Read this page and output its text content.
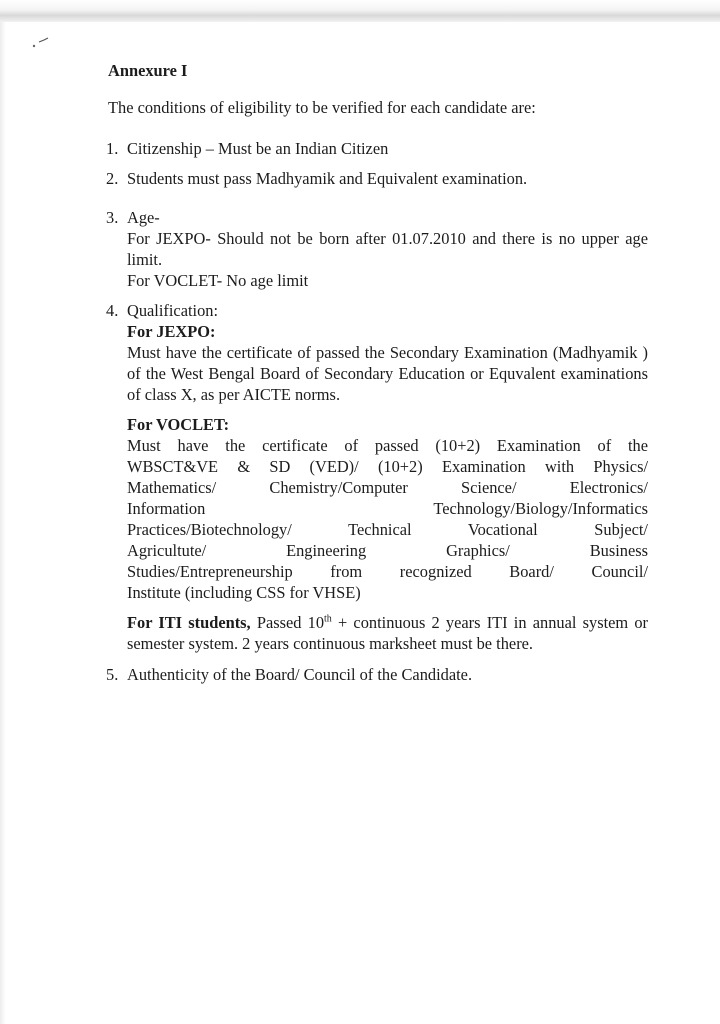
Annexure I

The conditions of eligibility to be verified for each candidate are:

1. Citizenship – Must be an Indian Citizen
2. Students must pass Madhyamik and Equivalent examination.
3. Age-
For JEXPO- Should not be born after 01.07.2010 and there is no upper age limit.
For VOCLET- No age limit
4. Qualification:
For JEXPO:
Must have the certificate of passed the Secondary Examination (Madhyamik ) of the West Bengal Board of Secondary Education or Equvalent examinations of class X, as per AICTE norms.
For VOCLET:
Must have the certificate of passed (10+2) Examination of the
WBSCT&VE & SD (VED)/ (10+2) Examination with Physics/
Mathematics/ Chemistry/Computer Science/ Electronics/
Information Technology/Biology/Informatics
Practices/Biotechnology/ Technical Vocational Subject/
Agricultute/ Engineering Graphics/ Business
Studies/Entrepreneurship from recognized Board/ Council/
Institute (including CSS for VHSE)
For ITI students, Passed 10th + continuous 2 years ITI in annual system or semester system. 2 years continuous marksheet must be there.
5. Authenticity of the Board/ Council of the Candidate.
